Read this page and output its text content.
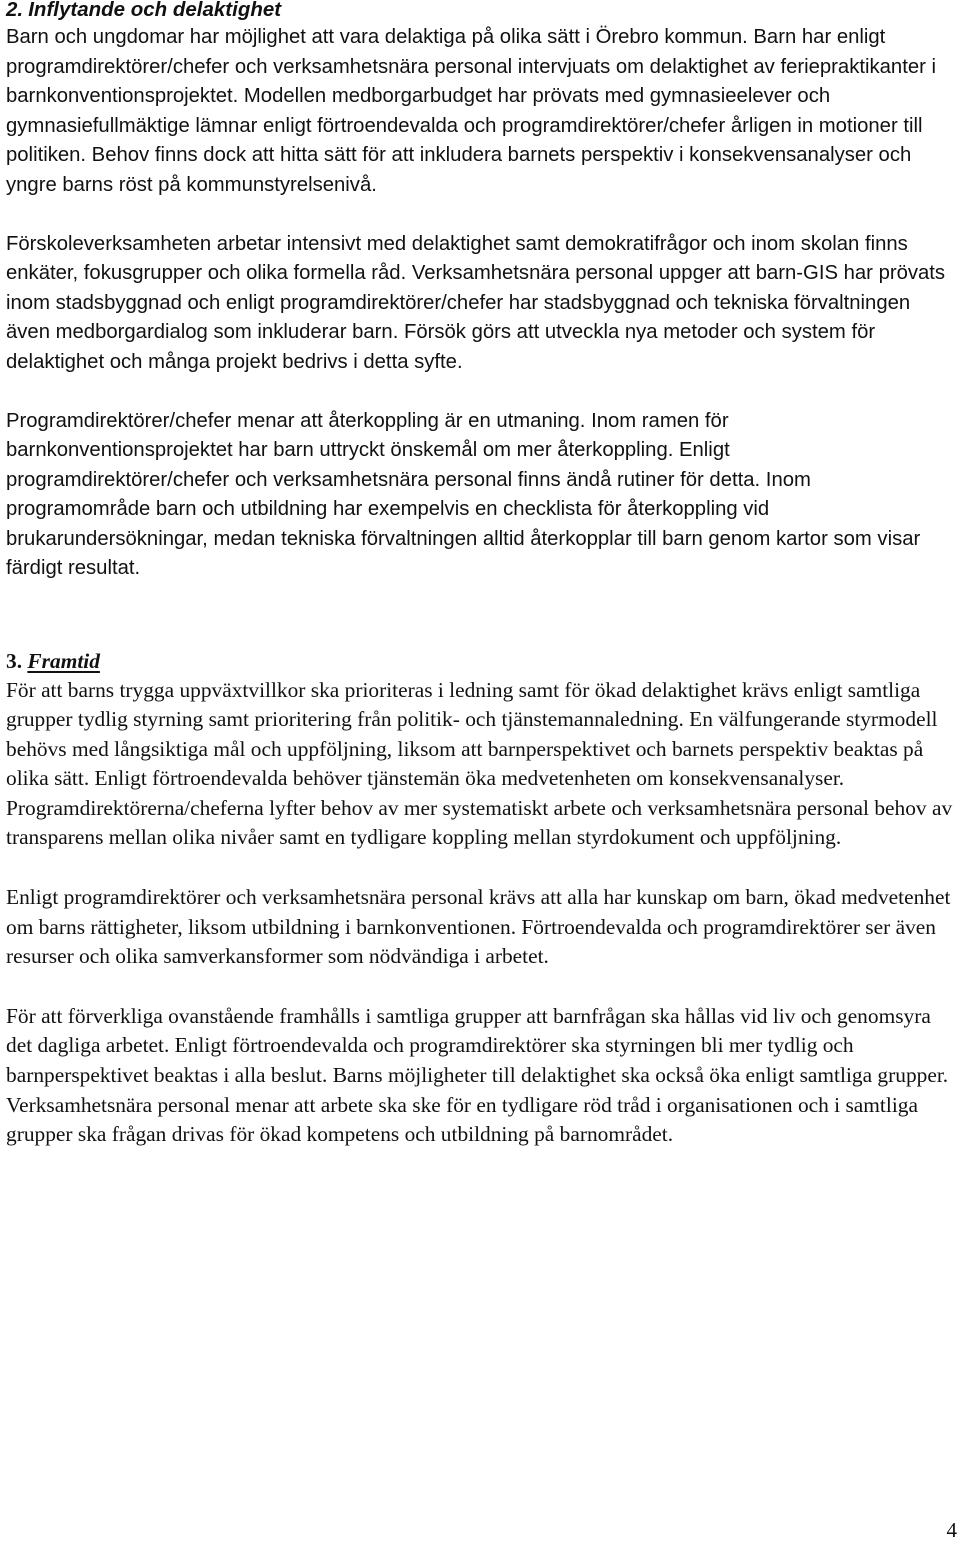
2. Inflytande och delaktighet

Barn och ungdomar har möjlighet att vara delaktiga på olika sätt i Örebro kommun. Barn har enligt programdirektörer/chefer och verksamhetsnära personal intervjuats om delaktighet av feriepraktikanter i barnkonventionsprojektet. Modellen medborgarbudget har prövats med gymnasieelever och gymnasiefullmäktige lämnar enligt förtroendevalda och programdirektörer/chefer årligen in motioner till politiken. Behov finns dock att hitta sätt för att inkludera barnets perspektiv i konsekvensanalyser och yngre barns röst på kommunstyrelsenivå.

Förskoleverksamheten arbetar intensivt med delaktighet samt demokratifrågor och inom skolan finns enkäter, fokusgrupper och olika formella råd. Verksamhetsnära personal uppger att barn-GIS har prövats inom stadsbyggnad och enligt programdirektörer/chefer har stadsbyggnad och tekniska förvaltningen även medborgardialog som inkluderar barn. Försök görs att utveckla nya metoder och system för delaktighet och många projekt bedrivs i detta syfte.

Programdirektörer/chefer menar att återkoppling är en utmaning. Inom ramen för barnkonventionsprojektet har barn uttryckt önskemål om mer återkoppling. Enligt programdirektörer/chefer och verksamhetsnära personal finns ändå rutiner för detta. Inom programområde barn och utbildning har exempelvis en checklista för återkoppling vid brukarundersökningar, medan tekniska förvaltningen alltid återkopplar till barn genom kartor som visar färdigt resultat.

3. Framtid

För att barns trygga uppväxtvillkor ska prioriteras i ledning samt för ökad delaktighet krävs enligt samtliga grupper tydlig styrning samt prioritering från politik- och tjänstemannaledning. En välfungerande styrmodell behövs med långsiktiga mål och uppföljning, liksom att barnperspektivet och barnets perspektiv beaktas på olika sätt. Enligt förtroendevalda behöver tjänstemän öka medvetenheten om konsekvensanalyser. Programdirektörerna/cheferna lyfter behov av mer systematiskt arbete och verksamhetsnära personal behov av transparens mellan olika nivåer samt en tydligare koppling mellan styrdokument och uppföljning.

Enligt programdirektörer och verksamhetsnära personal krävs att alla har kunskap om barn, ökad medvetenhet om barns rättigheter, liksom utbildning i barnkonventionen. Förtroendevalda och programdirektörer ser även resurser och olika samverkansformer som nödvändiga i arbetet.

För att förverkliga ovanstående framhålls i samtliga grupper att barnfrågan ska hållas vid liv och genomsyra det dagliga arbetet. Enligt förtroendevalda och programdirektörer ska styrningen bli mer tydlig och barnperspektivet beaktas i alla beslut. Barns möjligheter till delaktighet ska också öka enligt samtliga grupper. Verksamhetsnära personal menar att arbete ska ske för en tydligare röd tråd i organisationen och i samtliga grupper ska frågan drivas för ökad kompetens och utbildning på barnområdet.

4
